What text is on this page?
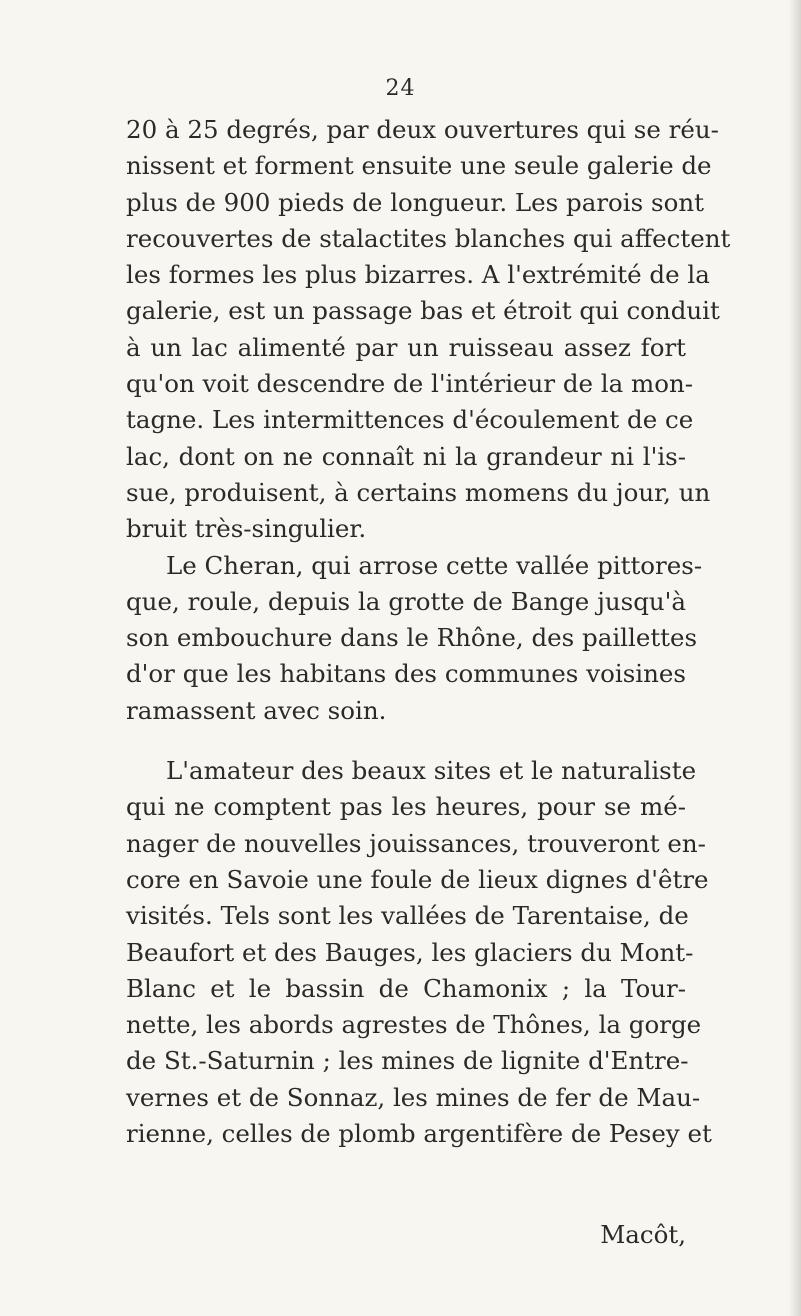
24
20 à 25 degrés, par deux ouvertures qui se réu-
nissent et forment ensuite une seule galerie de
plus de 900 pieds de longueur. Les parois sont
recouvertes de stalactites blanches qui affectent
les formes les plus bizarres. A l'extrémité de la
galerie, est un passage bas et étroit qui conduit
à un lac alimenté par un ruisseau assez fort
qu'on voit descendre de l'intérieur de la mon-
tagne. Les intermittences d'écoulement de ce
lac, dont on ne connaît ni la grandeur ni l'is-
sue, produisent, à certains momens du jour, un
bruit très-singulier.
Le Cheran, qui arrose cette vallée pittores-
que, roule, depuis la grotte de Bange jusqu'à
son embouchure dans le Rhône, des paillettes
d'or que les habitans des communes voisines
ramassent avec soin.
L'amateur des beaux sites et le naturaliste
qui ne comptent pas les heures, pour se mé-
nager de nouvelles jouissances, trouveront en-
core en Savoie une foule de lieux dignes d'être
visités. Tels sont les vallées de Tarentaise, de
Beaufort et des Bauges, les glaciers du Mont-
Blanc et le bassin de Chamonix ; la Tour-
nette, les abords agrestes de Thônes, la gorge
de St.-Saturnin ; les mines de lignite d'Entre-
vernes et de Sonnaz, les mines de fer de Mau-
rienne, celles de plomb argentifère de Pesey et
Macôt,
